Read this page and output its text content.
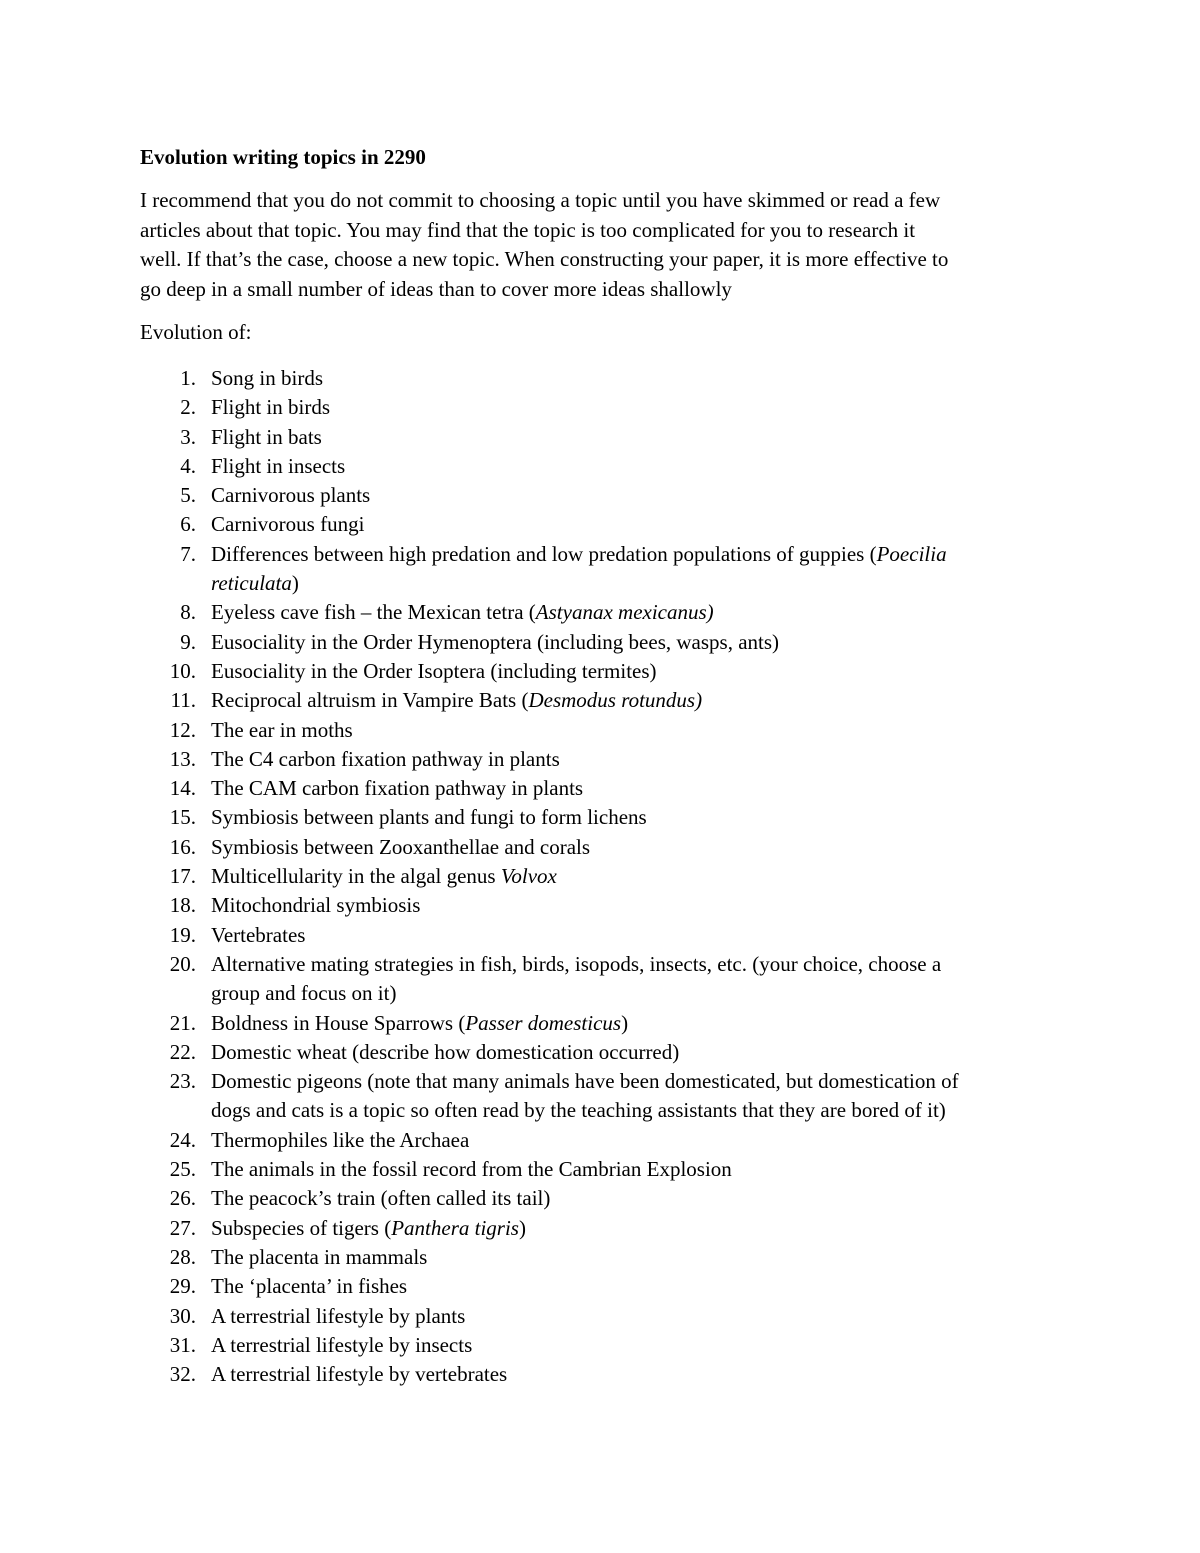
Evolution writing topics in 2290

I recommend that you do not commit to choosing a topic until you have skimmed or read a few
articles about that topic. You may find that the topic is too complicated for you to research it
well. If that’s the case, choose a new topic. When constructing your paper, it is more effective to
go deep in a small number of ideas than to cover more ideas shallowly

Evolution of:
1. Song in birds
2. Flight in birds
3. Flight in bats
4. Flight in insects
5. Carnivorous plants
6. Carnivorous fungi
7. Differences between high predation and low predation populations of guppies (Poecilia
reticulata)
8. Eyeless cave fish – the Mexican tetra (Astyanax mexicanus)
9. Eusociality in the Order Hymenoptera (including bees, wasps, ants)
10. Eusociality in the Order Isoptera (including termites)
11. Reciprocal altruism in Vampire Bats (Desmodus rotundus)
12. The ear in moths
13. The C4 carbon fixation pathway in plants
14. The CAM carbon fixation pathway in plants
15. Symbiosis between plants and fungi to form lichens
16. Symbiosis between Zooxanthellae and corals
17. Multicellularity in the algal genus Volvox
18. Mitochondrial symbiosis
19. Vertebrates
20. Alternative mating strategies in fish, birds, isopods, insects, etc. (your choice, choose a
group and focus on it)
21. Boldness in House Sparrows (Passer domesticus)
22. Domestic wheat (describe how domestication occurred)
23. Domestic pigeons (note that many animals have been domesticated, but domestication of
dogs and cats is a topic so often read by the teaching assistants that they are bored of it)
24. Thermophiles like the Archaea
25. The animals in the fossil record from the Cambrian Explosion
26. The peacock’s train (often called its tail)
27. Subspecies of tigers (Panthera tigris)
28. The placenta in mammals
29. The ‘placenta’ in fishes
30. A terrestrial lifestyle by plants
31. A terrestrial lifestyle by insects
32. A terrestrial lifestyle by vertebrates
